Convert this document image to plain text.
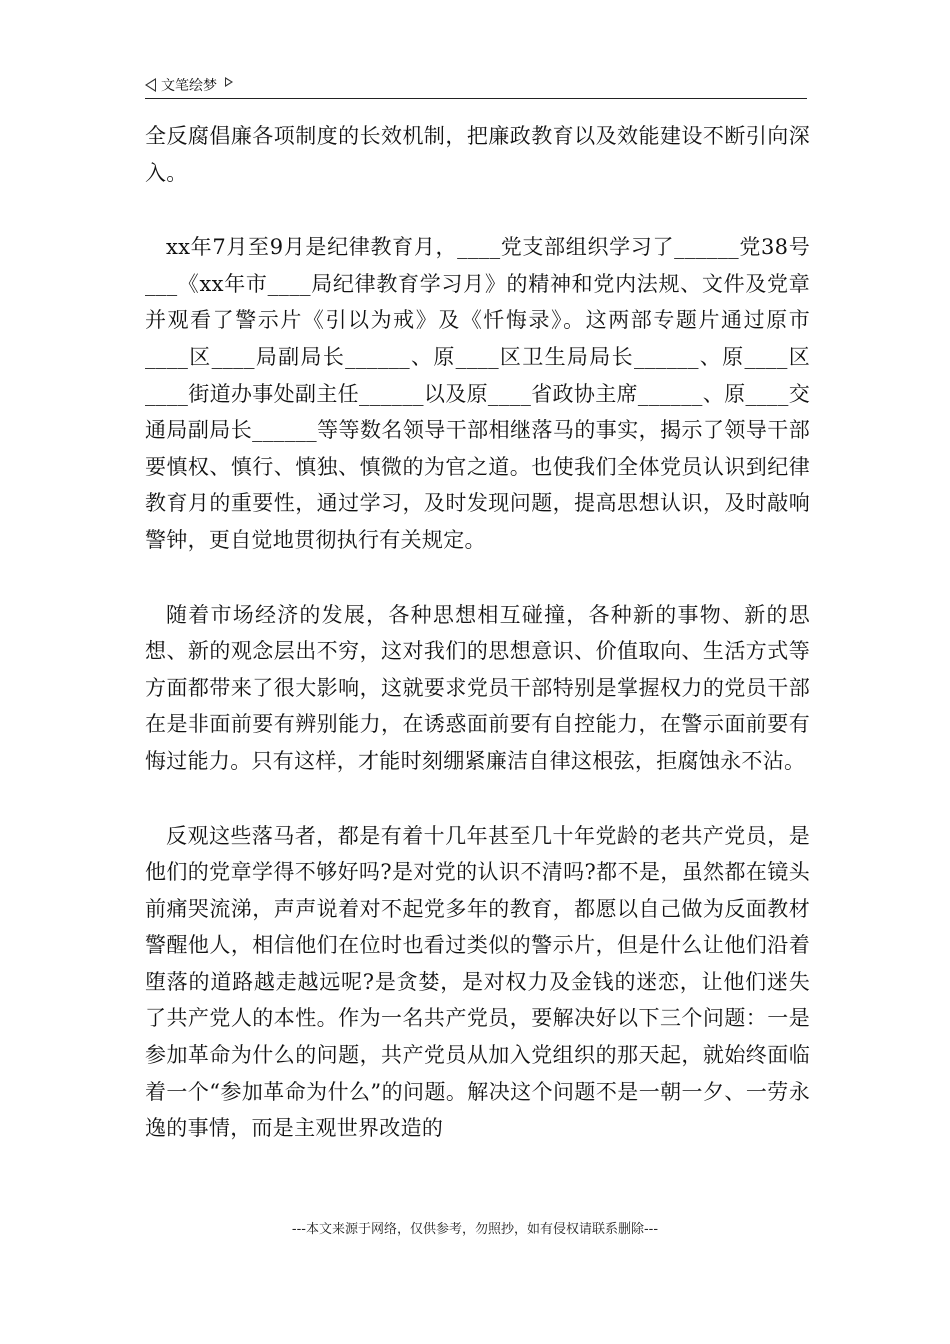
文笔绘梦

全反腐倡廉各项制度的长效机制，把廉政教育以及效能建设不断引向深入。

xx年7月至9月是纪律教育月，____党支部组织学习了______党38号 ___《xx年市____局纪律教育学习月》的精神和党内法规、文件及党章并观看了警示片《引以为戒》及《忏悔录》。这两部专题片通过原市____区____局副局长______、原____区卫生局局长______、原____区____街道办事处副主任______以及原____省政协主席______、原____交通局副局长______等等数名领导干部相继落马的事实，揭示了领导干部要慎权、慎行、慎独、慎微的为官之道。也使我们全体党员认识到纪律教育月的重要性，通过学习，及时发现问题，提高思想认识，及时敲响警钟，更自觉地贯彻执行有关规定。

随着市场经济的发展，各种思想相互碰撞，各种新的事物、新的思想、新的观念层出不穷，这对我们的思想意识、价值取向、生活方式等方面都带来了很大影响，这就要求党员干部特别是掌握权力的党员干部在是非面前要有辨别能力，在诱惑面前要有自控能力，在警示面前要有悔过能力。只有这样，才能时刻绷紧廉洁自律这根弦，拒腐蚀永不沾。

反观这些落马者，都是有着十几年甚至几十年党龄的老共产党员，是他们的党章学得不够好吗?是对党的认识不清吗?都不是，虽然都在镜头前痛哭流涕，声声说着对不起党多年的教育，都愿以自己做为反面教材警醒他人，相信他们在位时也看过类似的警示片，但是什么让他们沿着堕落的道路越走越远呢?是贪婪，是对权力及金钱的迷恋，让他们迷失了共产党人的本性。作为一名共产党员，要解决好以下三个问题：一是参加革命为什么的问题，共产党员从加入党组织的那天起，就始终面临着一个“参加革命为什么”的问题。解决这个问题不是一朝一夕、一劳永逸的事情，而是主观世界改造的

---本文来源于网络，仅供参考，勿照抄，如有侵权请联系删除---
